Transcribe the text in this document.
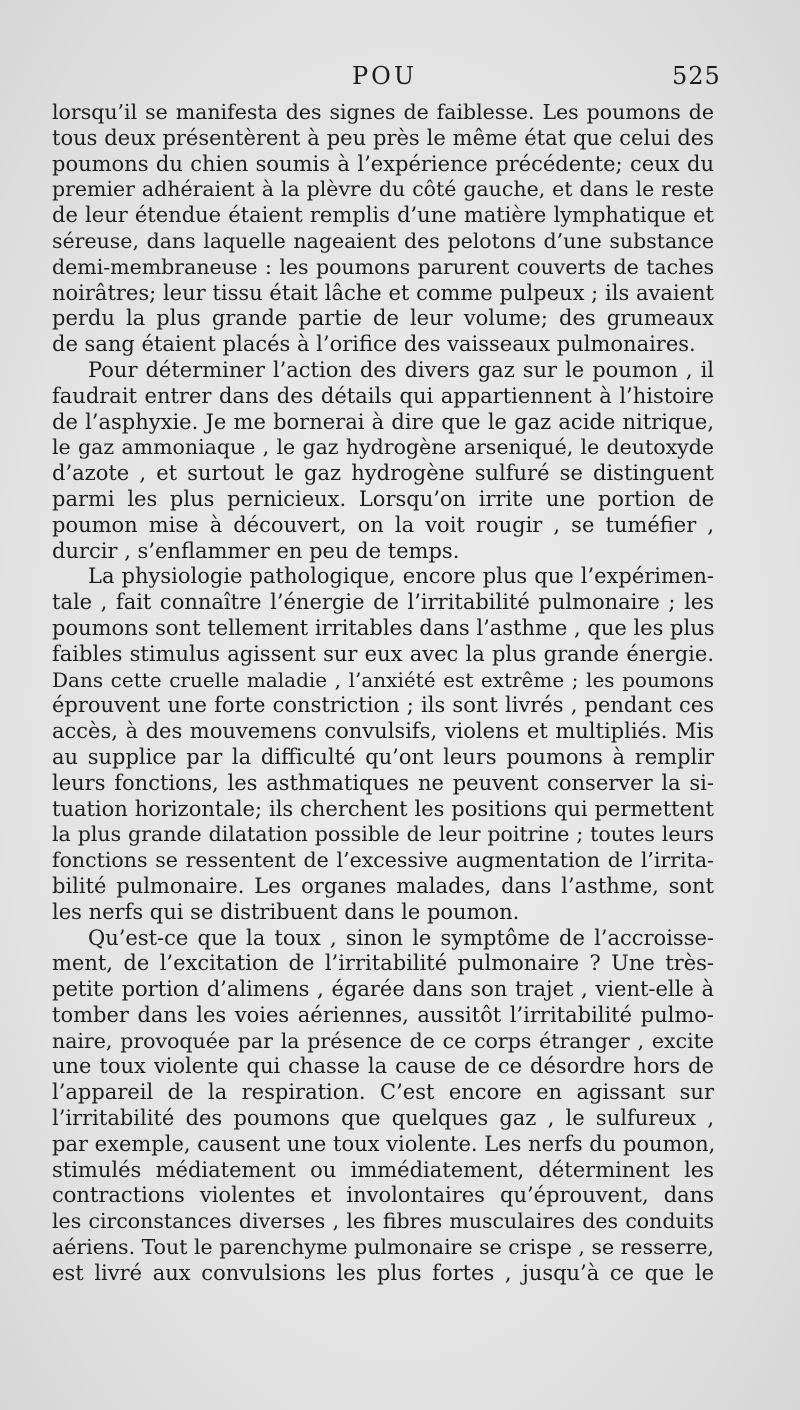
POU	525
lorsqu’il se manifesta des signes de faiblesse. Les poumons de
tous deux présentèrent à peu près le même état que celui des
poumons du chien soumis à l’expérience précédente; ceux du
premier adhéraient à la plèvre du côté gauche, et dans le reste
de leur étendue étaient remplis d’une matière lymphatique et
séreuse, dans laquelle nageaient des pelotons d’une substance
demi-membraneuse : les poumons parurent couverts de taches
noirâtres; leur tissu était lâche et comme pulpeux ; ils avaient
perdu la plus grande partie de leur volume; des grumeaux
de sang étaient placés à l’orifice des vaisseaux pulmonaires.
Pour déterminer l’action des divers gaz sur le poumon , il
faudrait entrer dans des détails qui appartiennent à l’histoire
de l’asphyxie. Je me bornerai à dire que le gaz acide nitrique,
le gaz ammoniaque , le gaz hydrogène arseniqué, le deutoxyde
d’azote , et surtout le gaz hydrogène sulfuré se distinguent
parmi les plus pernicieux. Lorsqu’on irrite une portion de
poumon mise à découvert, on la voit rougir , se tuméfier ,
durcir , s’enflammer en peu de temps.
La physiologie pathologique, encore plus que l’expérimen-
tale , fait connaître l’énergie de l’irritabilité pulmonaire ; les
poumons sont tellement irritables dans l’asthme , que les plus
faibles stimulus agissent sur eux avec la plus grande énergie.
Dans cette cruelle maladie , l’anxiété est extrême ; les poumons
éprouvent une forte constriction ; ils sont livrés , pendant ces
accès, à des mouvemens convulsifs, violens et multipliés. Mis
au supplice par la difficulté qu’ont leurs poumons à remplir
leurs fonctions, les asthmatiques ne peuvent conserver la si-
tuation horizontale; ils cherchent les positions qui permettent
la plus grande dilatation possible de leur poitrine ; toutes leurs
fonctions se ressentent de l’excessive augmentation de l’irrita-
bilité pulmonaire. Les organes malades, dans l’asthme, sont
les nerfs qui se distribuent dans le poumon.
Qu’est-ce que la toux , sinon le symptôme de l’accroisse-
ment, de l’excitation de l’irritabilité pulmonaire ? Une très-
petite portion d’alimens , égarée dans son trajet , vient-elle à
tomber dans les voies aériennes, aussitôt l’irritabilité pulmo-
naire, provoquée par la présence de ce corps étranger , excite
une toux violente qui chasse la cause de ce désordre hors de
l’appareil de la respiration. C’est encore en agissant sur
l’irritabilité des poumons que quelques gaz , le sulfureux ,
par exemple, causent une toux violente. Les nerfs du poumon,
stimulés médiatement ou immédiatement, déterminent les
contractions violentes et involontaires qu’éprouvent, dans
les circonstances diverses , les fibres musculaires des conduits
aériens. Tout le parenchyme pulmonaire se crispe , se resserre,
est livré aux convulsions les plus fortes , jusqu’à ce que le
